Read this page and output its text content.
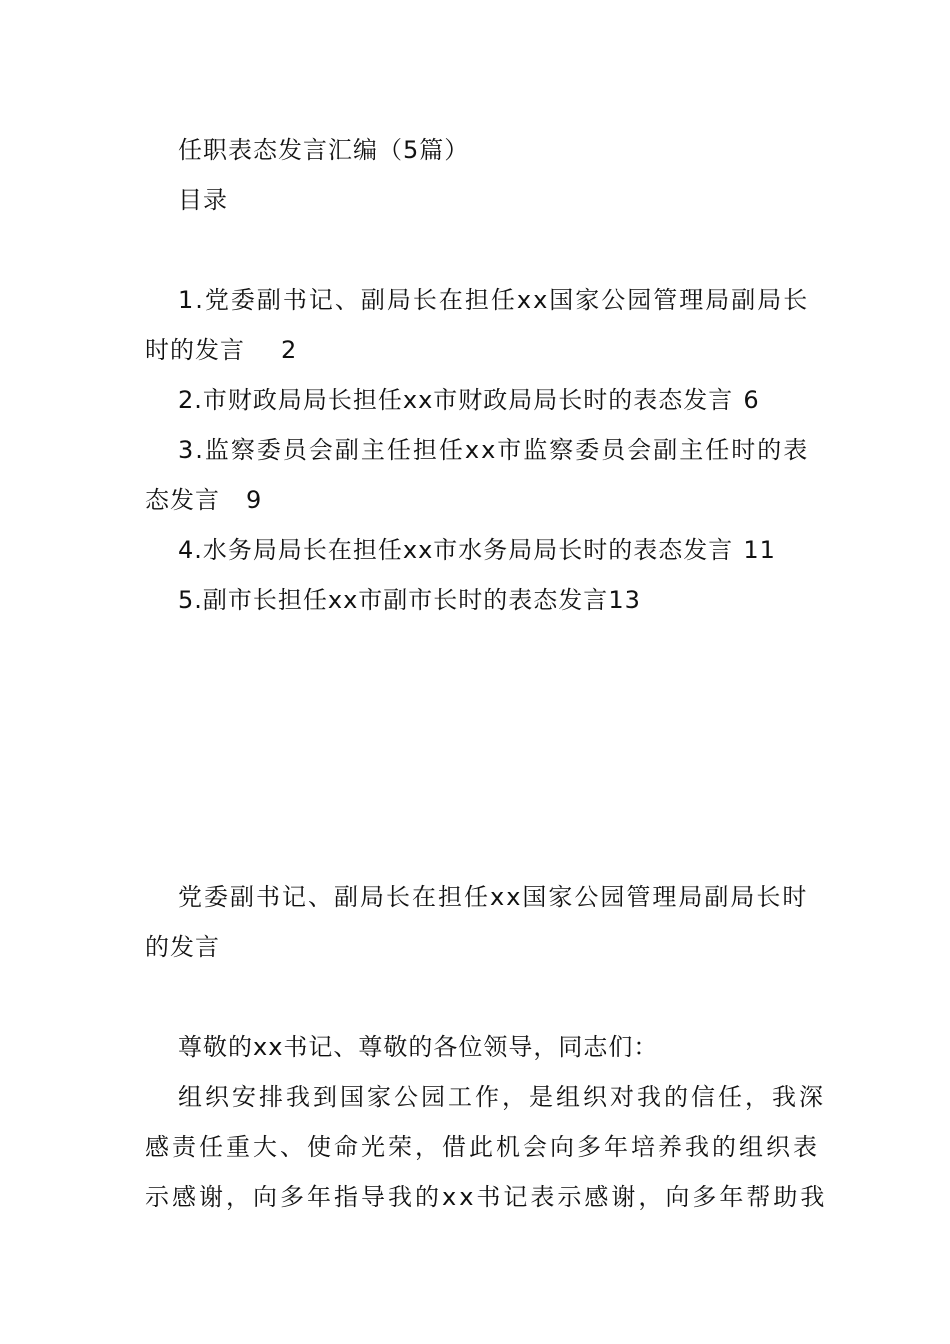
任职表态发言汇编（5篇）
目录
1.党委副书记、副局长在担任xx国家公园管理局副局长
时的发言 2
2.市财政局局长担任xx市财政局局长时的表态发言 6
3.监察委员会副主任担任xx市监察委员会副主任时的表
态发言 9
4.水务局局长在担任xx市水务局局长时的表态发言 11
5.副市长担任xx市副市长时的表态发言13
党委副书记、副局长在担任xx国家公园管理局副局长时
的发言
尊敬的xx书记、尊敬的各位领导，同志们：
组织安排我到国家公园工作，是组织对我的信任，我深
感责任重大、使命光荣，借此机会向多年培养我的组织表
示感谢，向多年指导我的xx书记表示感谢，向多年帮助我
